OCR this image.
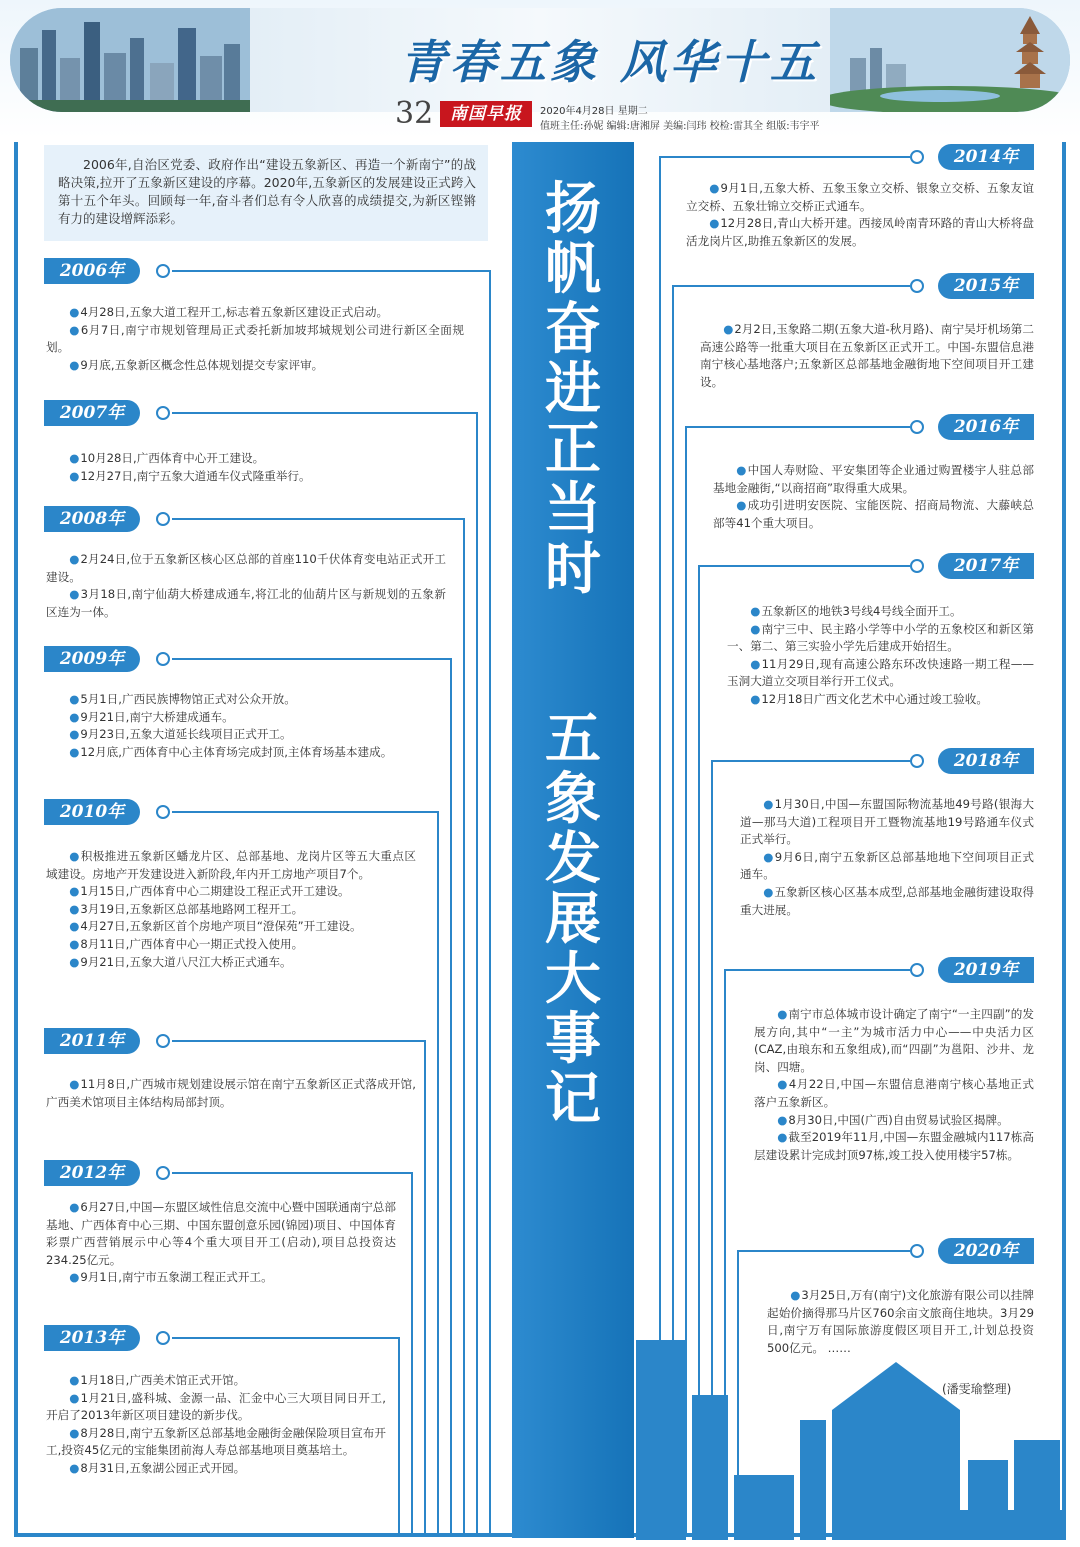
青春五象 风华十五
32 南国早报	2020年4月28日 星期二
值班主任:孙妮 编辑:唐湘屏 美编:闫玮 校检:雷其全 组版:韦宇平
2006年,自治区党委、政府作出“建设五象新区、再造一个新南宁”的战略决策,拉开了五象新区建设的序幕。2020年,五象新区的发展建设正式跨入第十五个年头。回顾每一年,奋斗者们总有令人欣喜的成绩提交,为新区铿锵有力的建设增辉添彩。	扬帆奋进正当时
五象发展大事记
2006年

● 4月28日,五象大道工程开工,标志着五象新区建设正式启动。

● 6月7日,南宁市规划管理局正式委托新加坡邦城规划公司进行新区全面规划。

● 9月底,五象新区概念性总体规划提交专家评审。

2007年

● 10月28日,广西体育中心开工建设。

● 12月27日,南宁五象大道通车仪式隆重举行。

2008年

● 2月24日,位于五象新区核心区总部的首座110千伏体育变电站正式开工建设。

● 3月18日,南宁仙葫大桥建成通车,将江北的仙葫片区与新规划的五象新区连为一体。

2009年

● 5月1日,广西民族博物馆正式对公众开放。

● 9月21日,南宁大桥建成通车。

● 9月23日,五象大道延长线项目正式开工。

● 12月底,广西体育中心主体育场完成封顶,主体育场基本建成。

2010年

● 积极推进五象新区蟠龙片区、总部基地、龙岗片区等五大重点区域建设。房地产开发建设进入新阶段,年内开工房地产项目7个。

● 1月15日,广西体育中心二期建设工程正式开工建设。

● 3月19日,五象新区总部基地路网工程开工。

● 4月27日,五象新区首个房地产项目“澄保苑”开工建设。

● 8月11日,广西体育中心一期正式投入使用。

● 9月21日,五象大道八尺江大桥正式通车。

2011年

● 11月8日,广西城市规划建设展示馆在南宁五象新区正式落成开馆,广西美术馆项目主体结构局部封顶。

2012年

● 6月27日,中国—东盟区域性信息交流中心暨中国联通南宁总部基地、广西体育中心三期、中国东盟创意乐园(锦园)项目、中国体育彩票广西营销展示中心等4个重大项目开工(启动),项目总投资达234.25亿元。

● 9月1日,南宁市五象湖工程正式开工。

2013年

● 1月18日,广西美术馆正式开馆。

● 1月21日,盛科城、金源一品、汇金中心三大项目同日开工,开启了2013年新区项目建设的新步伐。

● 8月28日,南宁五象新区总部基地金融街金融保险项目宣布开工,投资45亿元的宝能集团前海人寿总部基地项目奠基培土。

● 8月31日,五象湖公园正式开园。

2014年

● 9月1日,五象大桥、五象玉象立交桥、银象立交桥、五象友谊立交桥、五象壮锦立交桥正式通车。

● 12月28日,青山大桥开建。西接凤岭南青环路的青山大桥将盘活龙岗片区,助推五象新区的发展。

2015年

● 2月2日,玉象路二期(五象大道-秋月路)、南宁吴圩机场第二高速公路等一批重大项目在五象新区正式开工。中国-东盟信息港南宁核心基地落户;五象新区总部基地金融街地下空间项目开工建设。

2016年

● 中国人寿财险、平安集团等企业通过购置楼宇人驻总部基地金融街,“以商招商”取得重大成果。

● 成功引进明安医院、宝能医院、招商局物流、大藤峡总部等41个重大项目。

2017年

● 五象新区的地铁3号线4号线全面开工。

● 南宁三中、民主路小学等中小学的五象校区和新区第一、第二、第三实验小学先后建成开始招生。

● 11月29日,现有高速公路东环改快速路一期工程——玉洞大道立交项目举行开工仪式。

● 12月18日广西文化艺术中心通过竣工验收。

2018年

● 1月30日,中国—东盟国际物流基地49号路(银海大道—那马大道)工程项目开工暨物流基地19号路通车仪式正式举行。

● 9月6日,南宁五象新区总部基地地下空间项目正式通车。

● 五象新区核心区基本成型,总部基地金融街建设取得重大进展。

2019年

● 南宁市总体城市设计确定了南宁“一主四副”的发展方向,其中“一主”为城市活力中心——中央活力区(CAZ,由琅东和五象组成),而“四副”为邕阳、沙井、龙岗、四塘。

● 4月22日,中国—东盟信息港南宁核心基地正式落户五象新区。

● 8月30日,中国(广西)自由贸易试验区揭牌。

● 截至2019年11月,中国—东盟金融城内117栋高层建设累计完成封顶97栋,竣工投入使用楼宇57栋。

2020年

● 3月25日,万有(南宁)文化旅游有限公司以挂牌起始价摘得那马片区760余亩文旅商住地块。3月29日,南宁万有国际旅游度假区项目开工,计划总投资500亿元。 ……

(潘雯瑜整理)
